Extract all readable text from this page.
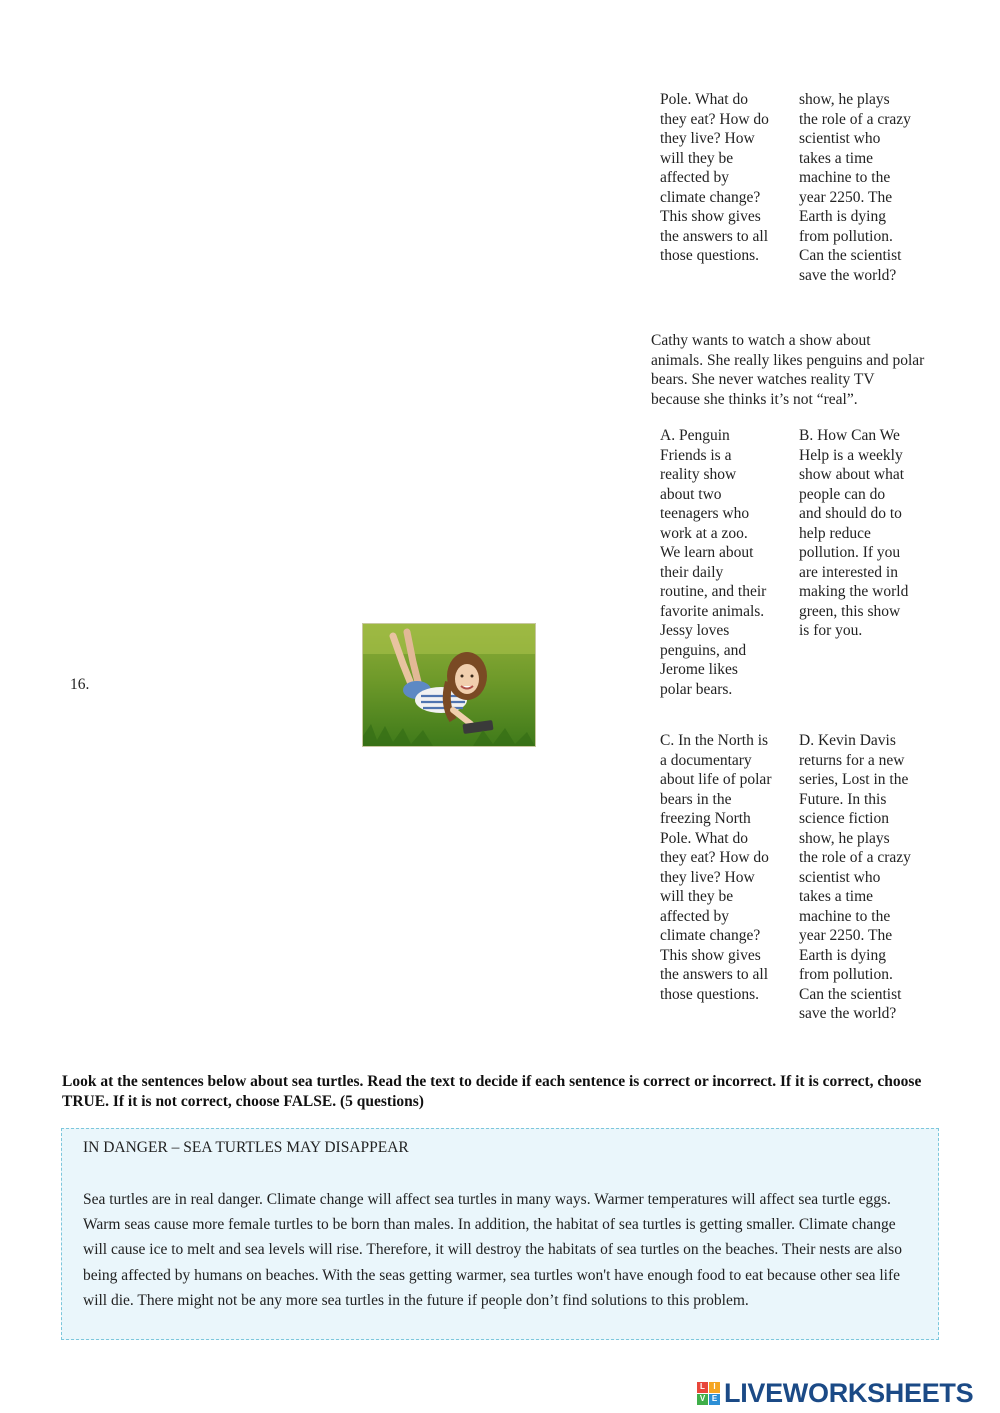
Pole. What do
they eat? How do
they live? How
will they be
affected by
climate change?
This show gives
the answers to all
those questions.
show, he plays
the role of a crazy
scientist who
takes a time
machine to the
year 2250. The
Earth is dying
from pollution.
Can the scientist
save the world?
Cathy wants to watch a show about animals. She really likes penguins and polar bears. She never watches reality TV because she thinks it’s not “real”.
A. Penguin
Friends is a
reality show
about two
teenagers who
work at a zoo.
We learn about
their daily
routine, and their
favorite animals.
Jessy loves
penguins, and
Jerome likes
polar bears.
B. How Can We
Help is a weekly
show about what
people can do
and should do to
help reduce
pollution. If you
are interested in
making the world
green, this show
is for you.
16.
C. In the North is
a documentary
about life of polar
bears in the
freezing North
Pole. What do
they eat? How do
they live? How
will they be
affected by
climate change?
This show gives
the answers to all
those questions.
D. Kevin Davis
returns for a new
series, Lost in the
Future. In this
science fiction
show, he plays
the role of a crazy
scientist who
takes a time
machine to the
year 2250. The
Earth is dying
from pollution.
Can the scientist
save the world?
Look at the sentences below about sea turtles. Read the text to decide if each sentence is correct or incorrect. If it is correct, choose TRUE. If it is not correct, choose FALSE. (5 questions)
IN DANGER – SEA TURTLES MAY DISAPPEAR
Sea turtles are in real danger. Climate change will affect sea turtles in many ways. Warmer temperatures will affect sea turtle eggs. Warm seas cause more female turtles to be born than males. In addition, the habitat of sea turtles is getting smaller. Climate change will cause ice to melt and sea levels will rise. Therefore, it will destroy the habitats of sea turtles on the beaches. Their nests are also being affected by humans on beaches. With the seas getting warmer, sea turtles won't have enough food to eat because other sea life will die. There might not be any more sea turtles in the future if people don’t find solutions to this problem.
L	I
V E LIVEWORKSHEETS
